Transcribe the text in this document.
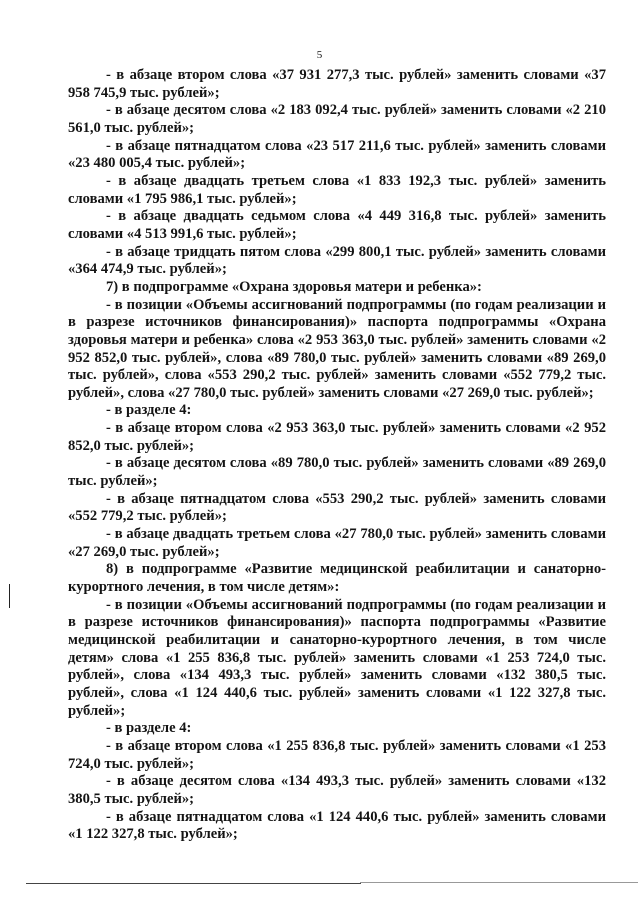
5

- в абзаце втором слова «37 931 277,3 тыс. рублей» заменить словами «37 958 745,9 тыс. рублей»;

- в абзаце десятом слова «2 183 092,4 тыс. рублей» заменить словами «2 210 561,0 тыс. рублей»;

- в абзаце пятнадцатом слова «23 517 211,6 тыс. рублей» заменить словами «23 480 005,4 тыс. рублей»;

- в абзаце двадцать третьем слова «1 833 192,3 тыс. рублей» заменить словами «1 795 986,1 тыс. рублей»;

- в абзаце двадцать седьмом слова «4 449 316,8 тыс. рублей» заменить словами «4 513 991,6 тыс. рублей»;

- в абзаце тридцать пятом слова «299 800,1 тыс. рублей» заменить словами «364 474,9 тыс. рублей»;

7) в подпрограмме «Охрана здоровья матери и ребенка»:

- в позиции «Объемы ассигнований подпрограммы (по годам реализации и в разрезе источников финансирования)» паспорта подпрограммы «Охрана здоровья матери и ребенка» слова «2 953 363,0 тыс. рублей» заменить словами «2 952 852,0 тыс. рублей», слова «89 780,0 тыс. рублей» заменить словами «89 269,0 тыс. рублей», слова «553 290,2 тыс. рублей» заменить словами «552 779,2 тыс. рублей», слова «27 780,0 тыс. рублей» заменить словами «27 269,0 тыс. рублей»;

- в разделе 4:

- в абзаце втором слова «2 953 363,0 тыс. рублей» заменить словами «2 952 852,0 тыс. рублей»;

- в абзаце десятом слова «89 780,0 тыс. рублей» заменить словами «89 269,0 тыс. рублей»;

- в абзаце пятнадцатом слова «553 290,2 тыс. рублей» заменить словами «552 779,2 тыс. рублей»;

- в абзаце двадцать третьем слова «27 780,0 тыс. рублей» заменить словами «27 269,0 тыс. рублей»;

8) в подпрограмме «Развитие медицинской реабилитации и санаторно-курортного лечения, в том числе детям»:

- в позиции «Объемы ассигнований подпрограммы (по годам реализации и в разрезе источников финансирования)» паспорта подпрограммы «Развитие медицинской реабилитации и санаторно-курортного лечения, в том числе детям» слова «1 255 836,8 тыс. рублей» заменить словами «1 253 724,0 тыс. рублей», слова «134 493,3 тыс. рублей» заменить словами «132 380,5 тыс. рублей», слова «1 124 440,6 тыс. рублей» заменить словами «1 122 327,8 тыс. рублей»;

- в разделе 4:

- в абзаце втором слова «1 255 836,8 тыс. рублей» заменить словами «1 253 724,0 тыс. рублей»;

- в абзаце десятом слова «134 493,3 тыс. рублей» заменить словами «132 380,5 тыс. рублей»;

- в абзаце пятнадцатом слова «1 124 440,6 тыс. рублей» заменить словами «1 122 327,8 тыс. рублей»;
